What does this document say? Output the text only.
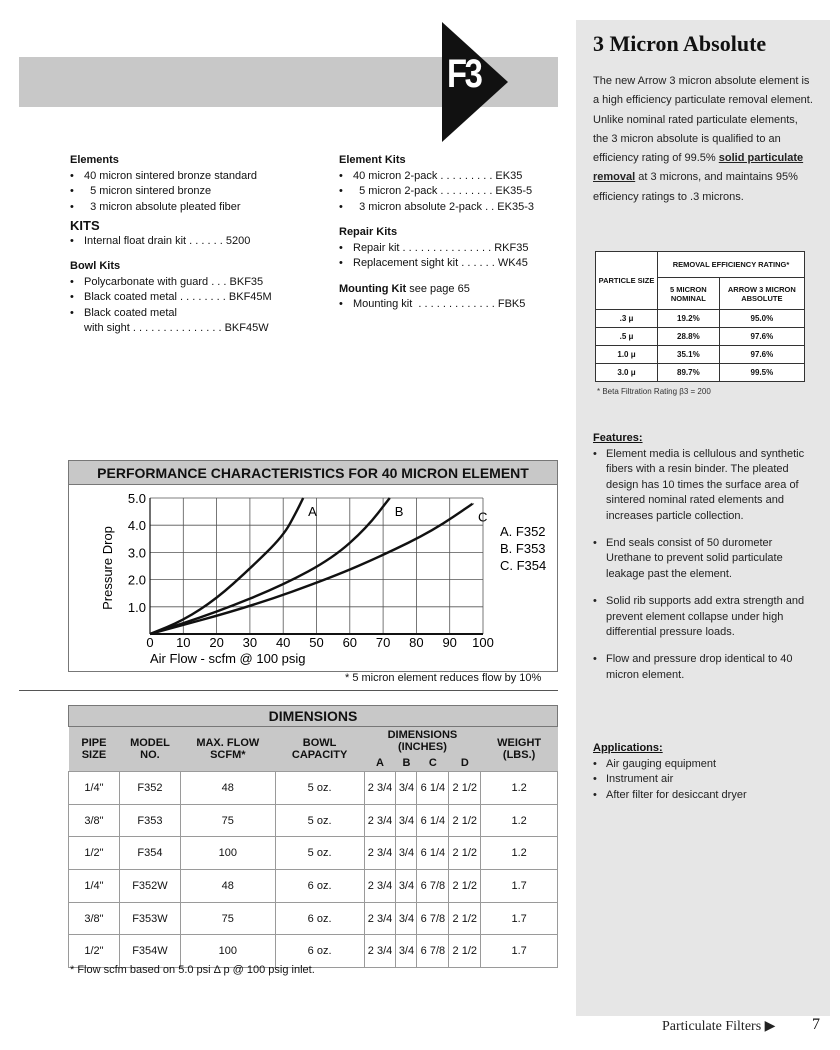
F3
Elements
• 40 micron sintered bronze standard
•   5 micron sintered bronze
•   3 micron absolute pleated fiber
KITS
• Internal float drain kit . . . . . . 5200
Bowl Kits
• Polycarbonate with guard . . . BKF35
• Black coated metal . . . . . . . . BKF45M
• Black coated metal
with sight . . . . . . . . . . . . . . . BKF45W
Element Kits
• 40 micron 2-pack . . . . . . . . . EK35
•   5 micron 2-pack . . . . . . . . . EK35-5
•   3 micron absolute 2-pack . . EK35-3
Repair Kits
• Repair kit . . . . . . . . . . . . . . . RKF35
• Replacement sight kit . . . . . . WK45
Mounting Kit see page 65
• Mounting kit  . . . . . . . . . . . . . FBK5
PERFORMANCE CHARACTERISTICS FOR 40 MICRON ELEMENT
0 10 20 30 40 50 60 70 80 90 100
1.0
2.0
3.0
4.0
5.0
Air Flow - scfm @ 100 psig
Pressure Drop
A	B	C
A. F352
B. F353
C. F354
* 5 micron element reduces flow by 10%
DIMENSIONS
PIPE SIZE	MODEL NO.	MAX. FLOW SCFM*	BOWL CAPACITY	DIMENSIONS (INCHES)				WEIGHT (LBS.)
				A	B	C	D	
1/4"	F352	48	5 oz.	2 3/4	3/4	6 1/4	2 1/2	1.2
3/8"	F353	75	5 oz.	2 3/4	3/4	6 1/4	2 1/2	1.2
1/2"	F354	100	5 oz.	2 3/4	3/4	6 1/4	2 1/2	1.2
1/4"	F352W	48	6 oz.	2 3/4	3/4	6 7/8	2 1/2	1.7
3/8"	F353W	75	6 oz.	2 3/4	3/4	6 7/8	2 1/2	1.7
1/2"	F354W	100	6 oz.	2 3/4	3/4	6 7/8	2 1/2	1.7
* Flow scfm based on 5.0 psi Δ p @ 100 psig inlet.
3 Micron Absolute
The new Arrow 3 micron absolute element is a high efficiency particulate removal element. Unlike nominal rated particulate elements, the 3 micron absolute is qualified to an efficiency rating of 99.5% solid particulate removal at 3 microns, and maintains 95% efficiency ratings to .3 microns.
PARTICLE SIZE	REMOVAL EFFICIENCY RATING*	
	5 MICRON NOMINAL	ARROW 3 MICRON ABSOLUTE
.3 μ	19.2%	95.0%
.5 μ	28.8%	97.6%
1.0 μ	35.1%	97.6%
3.0 μ	89.7%	99.5%
* Beta Filtration Rating β3 = 200
Features:
• Element media is cellulous and synthetic fibers with a resin binder. The pleated design has 10 times the surface area of sintered nominal rated elements and increases particle collection.
• End seals consist of 50 durometer Urethane to prevent solid particulate leakage past the element.
• Solid rib supports add extra strength and prevent element collapse under high differential pressure loads.
• Flow and pressure drop identical to 40 micron element.
Applications:
• Air gauging equipment
• Instrument air
• After filter for desiccant dryer
Particulate Filters ▶ 7
